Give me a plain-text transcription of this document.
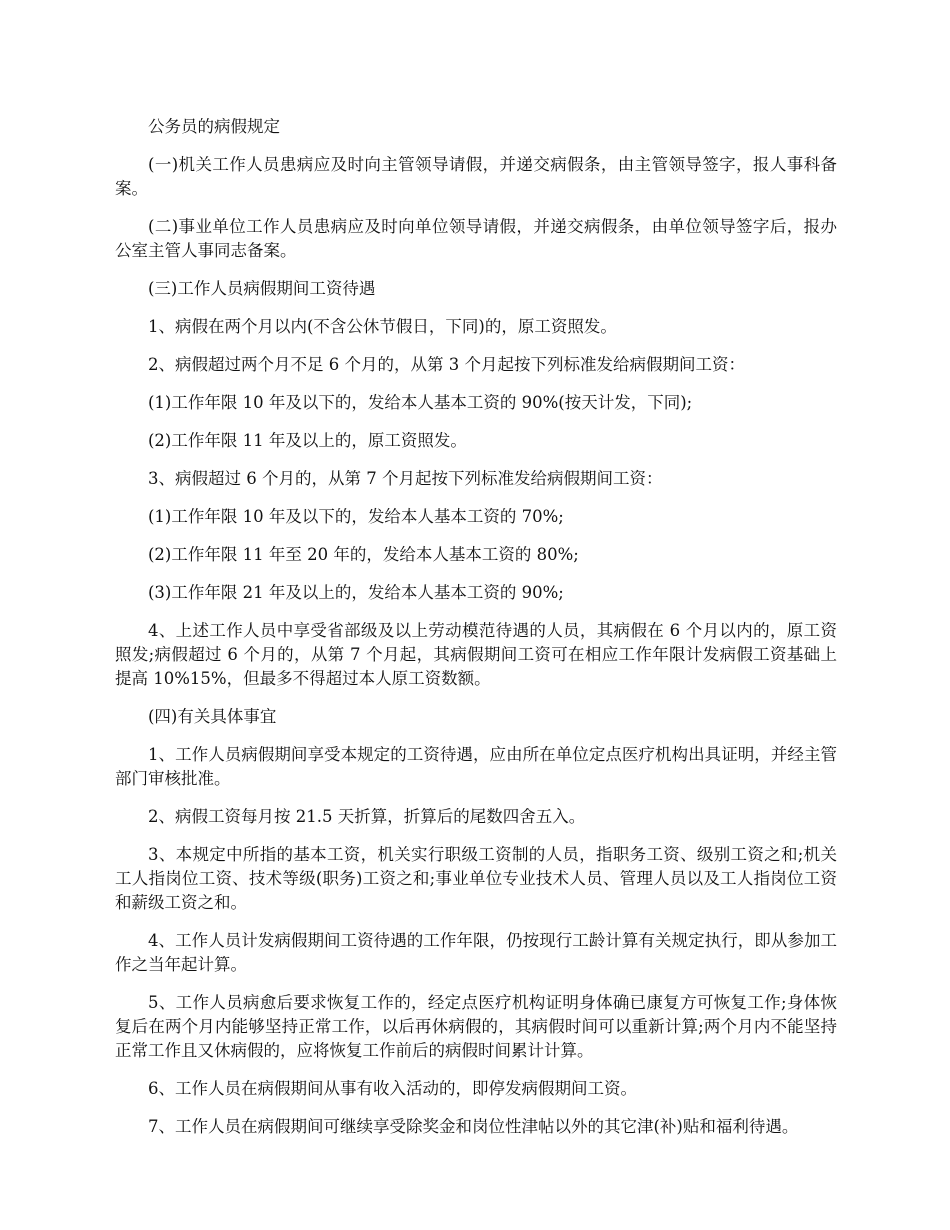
公务员的病假规定

(一)机关工作人员患病应及时向主管领导请假，并递交病假条，由主管领导签字，报人事科备案。

(二)事业单位工作人员患病应及时向单位领导请假，并递交病假条，由单位领导签字后，报办公室主管人事同志备案。

(三)工作人员病假期间工资待遇

1、病假在两个月以内(不含公休节假日，下同)的，原工资照发。

2、病假超过两个月不足 6 个月的，从第 3 个月起按下列标准发给病假期间工资：

(1)工作年限 10 年及以下的，发给本人基本工资的 90%(按天计发，下同);

(2)工作年限 11 年及以上的，原工资照发。

3、病假超过 6 个月的，从第 7 个月起按下列标准发给病假期间工资：

(1)工作年限 10 年及以下的，发给本人基本工资的 70%;

(2)工作年限 11 年至 20 年的，发给本人基本工资的 80%;

(3)工作年限 21 年及以上的，发给本人基本工资的 90%;

4、上述工作人员中享受省部级及以上劳动模范待遇的人员，其病假在 6 个月以内的，原工资照发;病假超过 6 个月的，从第 7 个月起，其病假期间工资可在相应工作年限计发病假工资基础上提高 10%15%，但最多不得超过本人原工资数额。

(四)有关具体事宜

1、工作人员病假期间享受本规定的工资待遇，应由所在单位定点医疗机构出具证明，并经主管部门审核批准。

2、病假工资每月按 21.5 天折算，折算后的尾数四舍五入。

3、本规定中所指的基本工资，机关实行职级工资制的人员，指职务工资、级别工资之和;机关工人指岗位工资、技术等级(职务)工资之和;事业单位专业技术人员、管理人员以及工人指岗位工资和薪级工资之和。

4、工作人员计发病假期间工资待遇的工作年限，仍按现行工龄计算有关规定执行，即从参加工作之当年起计算。

5、工作人员病愈后要求恢复工作的，经定点医疗机构证明身体确已康复方可恢复工作;身体恢复后在两个月内能够坚持正常工作，以后再休病假的，其病假时间可以重新计算;两个月内不能坚持正常工作且又休病假的，应将恢复工作前后的病假时间累计计算。

6、工作人员在病假期间从事有收入活动的，即停发病假期间工资。

7、工作人员在病假期间可继续享受除奖金和岗位性津帖以外的其它津(补)贴和福利待遇。
